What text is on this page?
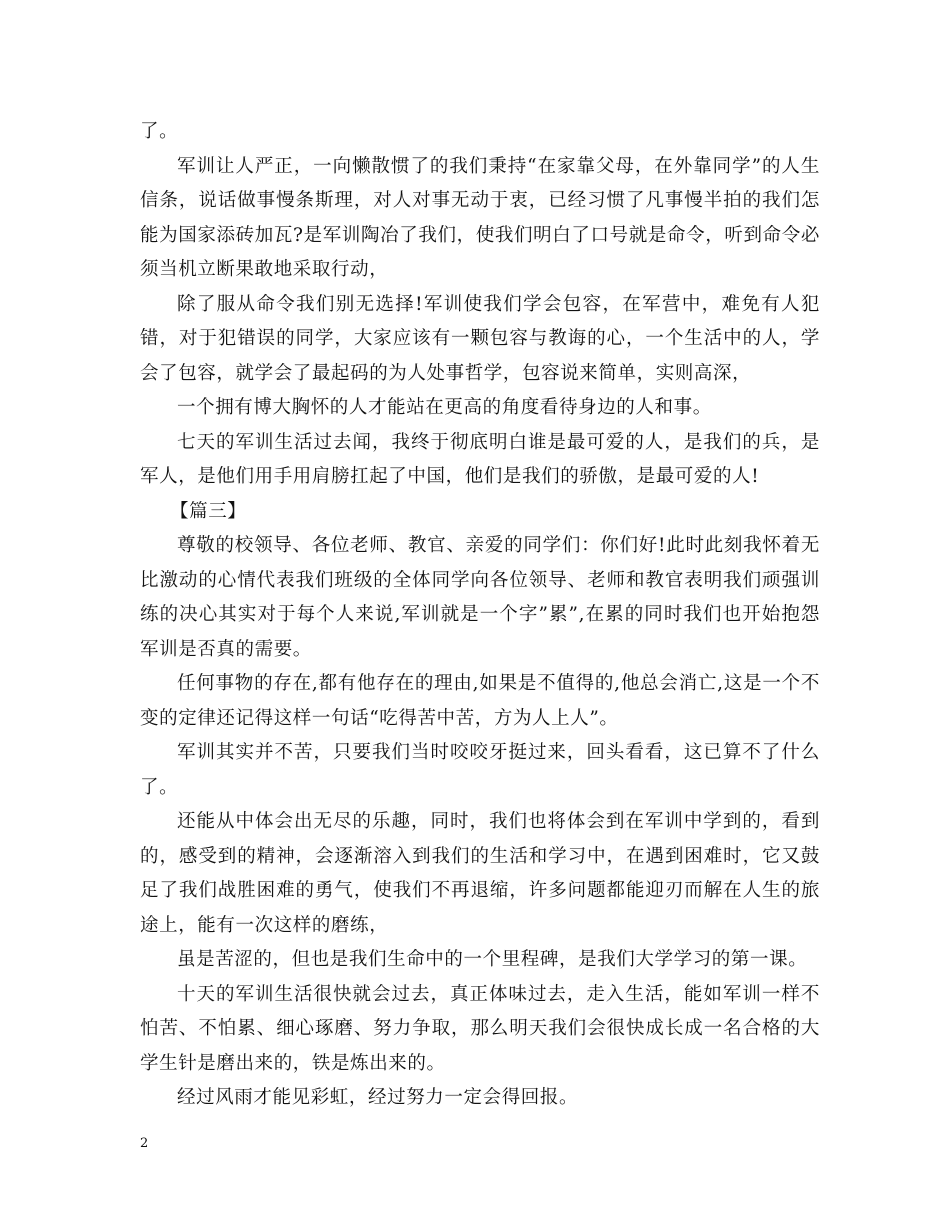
了。

军训让人严正，一向懒散惯了的我们秉持“在家靠父母，在外靠同学”的人生信条，说话做事慢条斯理，对人对事无动于衷，已经习惯了凡事慢半拍的我们怎能为国家添砖加瓦?是军训陶冶了我们，使我们明白了口号就是命令，听到命令必须当机立断果敢地采取行动，

除了服从命令我们别无选择!军训使我们学会包容，在军营中，难免有人犯错，对于犯错误的同学，大家应该有一颗包容与教诲的心，一个生活中的人，学会了包容，就学会了最起码的为人处事哲学，包容说来简单，实则高深，

一个拥有博大胸怀的人才能站在更高的角度看待身边的人和事。

七天的军训生活过去闻，我终于彻底明白谁是最可爱的人，是我们的兵，是军人，是他们用手用肩膀扛起了中国，他们是我们的骄傲，是最可爱的人!

【篇三】

尊敬的校领导、各位老师、教官、亲爱的同学们：你们好!此时此刻我怀着无比激动的心情代表我们班级的全体同学向各位领导、老师和教官表明我们顽强训练的决心其实对于每个人来说,军训就是一个字”累”,在累的同时我们也开始抱怨军训是否真的需要。

任何事物的存在,都有他存在的理由,如果是不值得的,他总会消亡,这是一个不变的定律还记得这样一句话“吃得苦中苦，方为人上人”。

军训其实并不苦，只要我们当时咬咬牙挺过来，回头看看，这已算不了什么了。

还能从中体会出无尽的乐趣，同时，我们也将体会到在军训中学到的，看到的，感受到的精神，会逐渐溶入到我们的生活和学习中，在遇到困难时，它又鼓足了我们战胜困难的勇气，使我们不再退缩，许多问题都能迎刃而解在人生的旅途上，能有一次这样的磨练，

虽是苦涩的，但也是我们生命中的一个里程碑，是我们大学学习的第一课。

十天的军训生活很快就会过去，真正体味过去，走入生活，能如军训一样不怕苦、不怕累、细心琢磨、努力争取，那么明天我们会很快成长成一名合格的大学生针是磨出来的，铁是炼出来的。

经过风雨才能见彩虹，经过努力一定会得回报。

2
